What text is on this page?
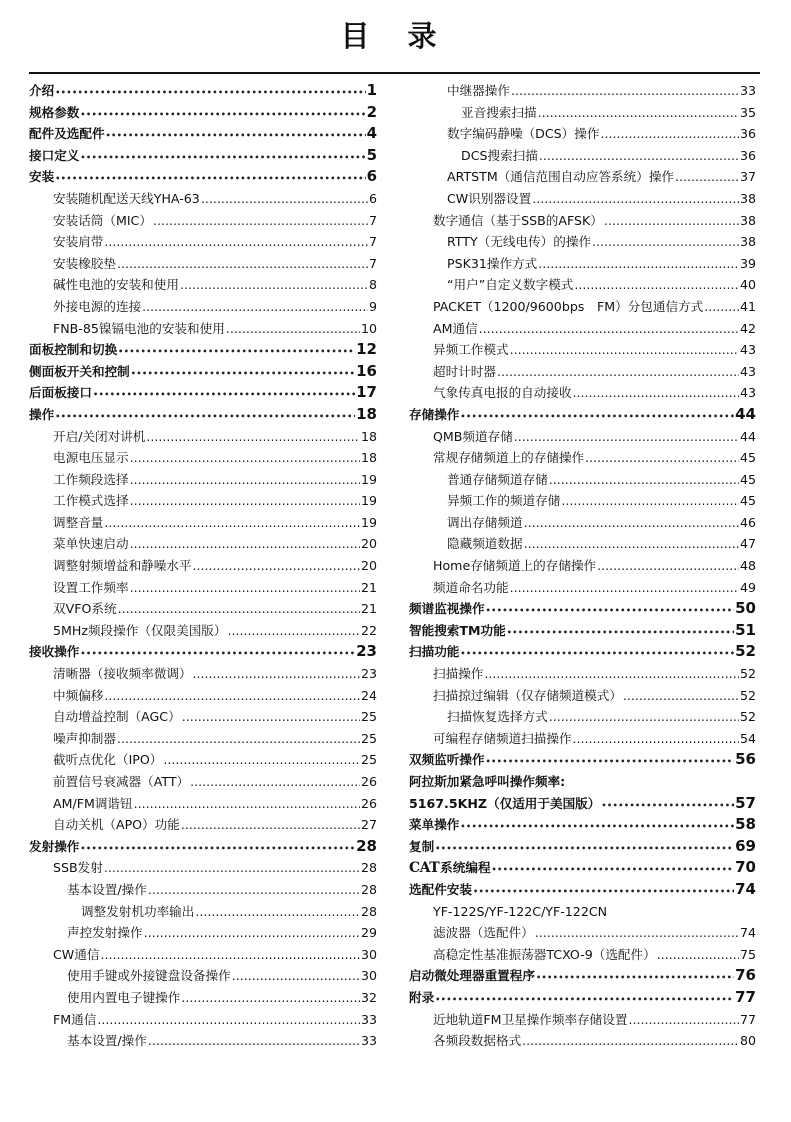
目 录
介绍 •••••	1
规格参数 •••••	2
配件及选配件 •••••	4
接口定义 •••••	5
安装 •••••	6
安装随机配送天线YHA-63 .....	6
安装话筒（MIC） .....	7
安装肩带 .....	7
安装橡胶垫 .....	7
碱性电池的安装和使用 .....	8
外接电源的连接 .....	9
FNB-85镍镉电池的安装和使用 .....	10
面板控制和切换 •••••	12
侧面板开关和控制 •••••	16
后面板接口 •••••	17
操作 •••••	18
开启/关闭对讲机 .....	18
电源电压显示 .....	18
工作频段选择 .....	19
工作模式选择 .....	19
调整音量 .....	19
菜单快速启动 .....	20
调整射频增益和静噪水平 .....	20
设置工作频率 .....	21
双VFO系统 .....	21
5MHz频段操作（仅限美国版） .....	22
接收操作 •••••	23
清晰器（接收频率微调） .....	23
中频偏移 .....	24
自动增益控制（AGC） .....	25
噪声抑制器 .....	25
截听点优化（IPO） .....	25
前置信号衰减器（ATT） .....	26
AM/FM调谐钮 .....	26
自动关机（APO）功能 .....	27
发射操作 •••••	28
SSB发射 .....	28
基本设置/操作 .....	28
调整发射机功率输出 .....	28
声控发射操作 .....	29
CW通信 .....	30
使用手键或外接键盘设备操作 .....	30
使用内置电子键操作 .....	32
FM通信 .....	33
基本设置/操作 .....	33
中继器操作 .....	33
亚音搜索扫描 .....	35
数字编码静噪（DCS）操作 .....	36
DCS搜索扫描 .....	36
ARTSTM（通信范围自动应答系统）操作 .....	37
CW识别器设置 .....	38
数字通信（基于SSB的AFSK） .....	38
RTTY（无线电传）的操作 .....	38
PSK31操作方式 .....	39
“用户”自定义数字模式 .....	40
PACKET（1200/9600bps　FM）分包通信方式 .....	41
AM通信 .....	42
异频工作模式 .....	43
超时计时器 .....	43
气象传真电报的自动接收 .....	43
存储操作 •••••	44
QMB频道存储 .....	44
常规存储频道上的存储操作 .....	45
普通存储频道存储 .....	45
异频工作的频道存储 .....	45
调出存储频道 .....	46
隐藏频道数据 .....	47
Home存储频道上的存储操作 .....	48
频道命名功能 .....	49
频谱监视操作 •••••	50
智能搜索TM功能 •••••	51
扫描功能 •••••	52
扫描操作 .....	52
扫描掠过编辑（仅存储频道模式） .....	52
扫描恢复选择方式 .....	52
可编程存储频道扫描操作 .....	54
双频监听操作 •••••	56
阿拉斯加紧急呼叫操作频率:
5167.5KHZ（仅适用于美国版） •••••	57
菜单操作 •••••	58
复制 •••••	69
CAT系统编程 •••••	70
选配件安装 •••••	74
YF-122S/YF-122C/YF-122CN
滤波器（选配件） .....	74
高稳定性基准振荡器TCXO-9（选配件） .....	75
启动微处理器重置程序 •••••	76
附录 •••••	77
近地轨道FM卫星操作频率存储设置 .....	77
各频段数据格式 .....	80
